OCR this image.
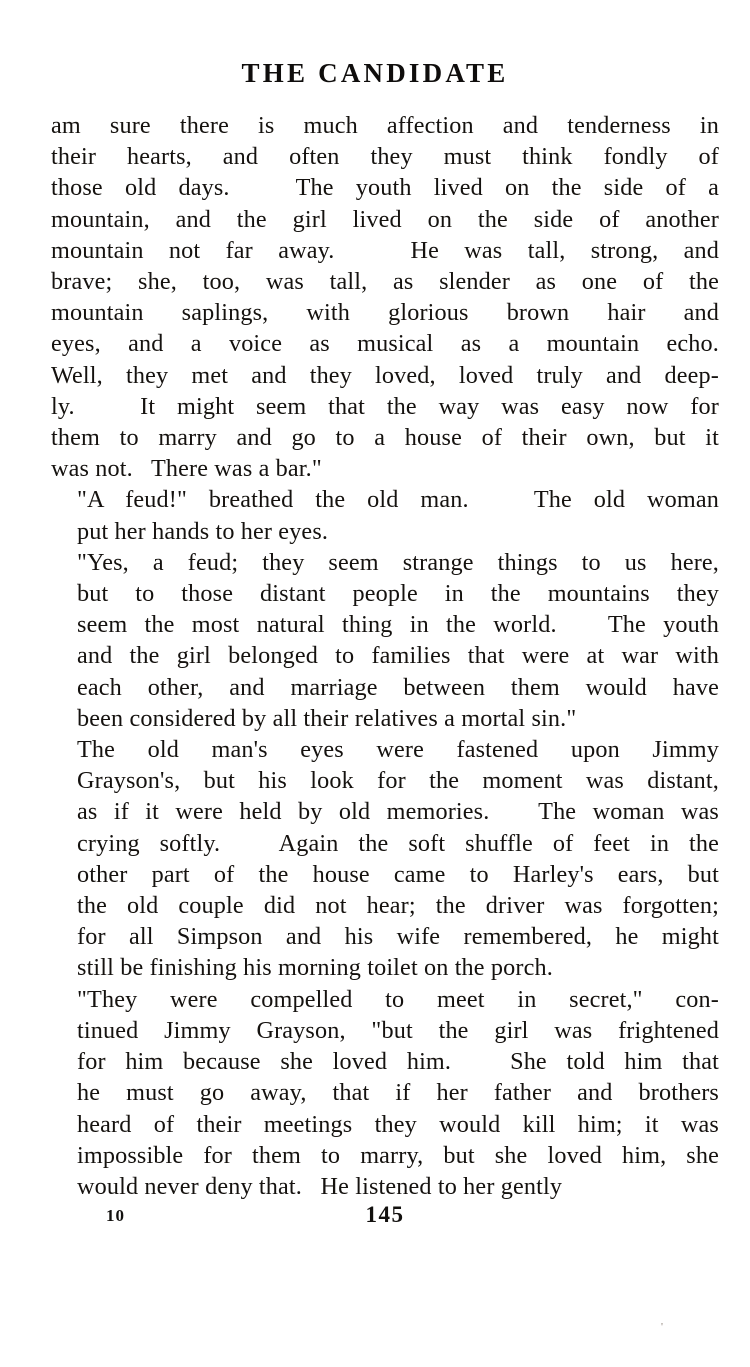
THE CANDIDATE

am sure there is much affection and tenderness in
their hearts, and often they must think fondly of
those old days.   The youth lived on the side of a
mountain, and the girl lived on the side of another
mountain not far away.   He was tall, strong, and
brave; she, too, was tall, as slender as one of the
mountain saplings, with glorious brown hair and
eyes, and a voice as musical as a mountain echo.
Well, they met and they loved, loved truly and deep-
ly.   It might seem that the way was easy now for
them to marry and go to a house of their own, but it
was not.   There was a bar."

"A feud!" breathed the old man.   The old woman
put her hands to her eyes.

"Yes, a feud; they seem strange things to us here,
but to those distant people in the mountains they
seem the most natural thing in the world.   The youth
and the girl belonged to families that were at war with
each other, and marriage between them would have
been considered by all their relatives a mortal sin."

The old man's eyes were fastened upon Jimmy
Grayson's, but his look for the moment was distant,
as if it were held by old memories.   The woman was
crying softly.   Again the soft shuffle of feet in the
other part of the house came to Harley's ears, but
the old couple did not hear; the driver was forgotten;
for all Simpson and his wife remembered, he might
still be finishing his morning toilet on the porch.

"They were compelled to meet in secret," con-
tinued Jimmy Grayson, "but the girl was frightened
for him because she loved him.   She told him that
he must go away, that if her father and brothers
heard of their meetings they would kill him; it was
impossible for them to marry, but she loved him, she
would never deny that.   He listened to her gently

10	145
'
